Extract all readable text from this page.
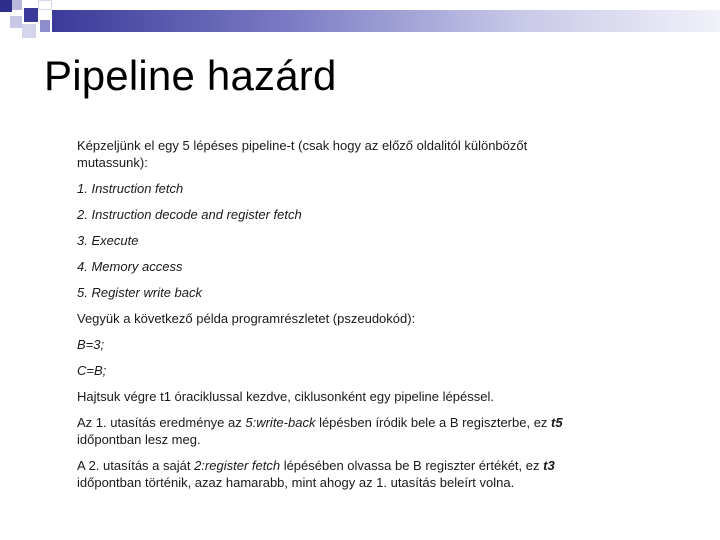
Pipeline hazárd

Képzeljünk el egy 5 lépéses pipeline-t (csak hogy az előző oldalitól különbözőt mutassunk):

1. Instruction fetch

2. Instruction decode and register fetch

3. Execute

4. Memory access

5. Register write back

Vegyük a következő példa programrészletet (pszeudokód):

B=3;

C=B;

Hajtsuk végre t1 óraciklussal kezdve, ciklusonként egy pipeline lépéssel.

Az 1. utasítás eredménye az 5:write-back lépésben íródik bele a B regiszterbe, ez t5 időpontban lesz meg.

A 2. utasítás a saját 2:register fetch lépésében olvassa be B regiszter értékét, ez t3 időpontban történik, azaz hamarabb, mint ahogy az 1. utasítás beleírt volna.
